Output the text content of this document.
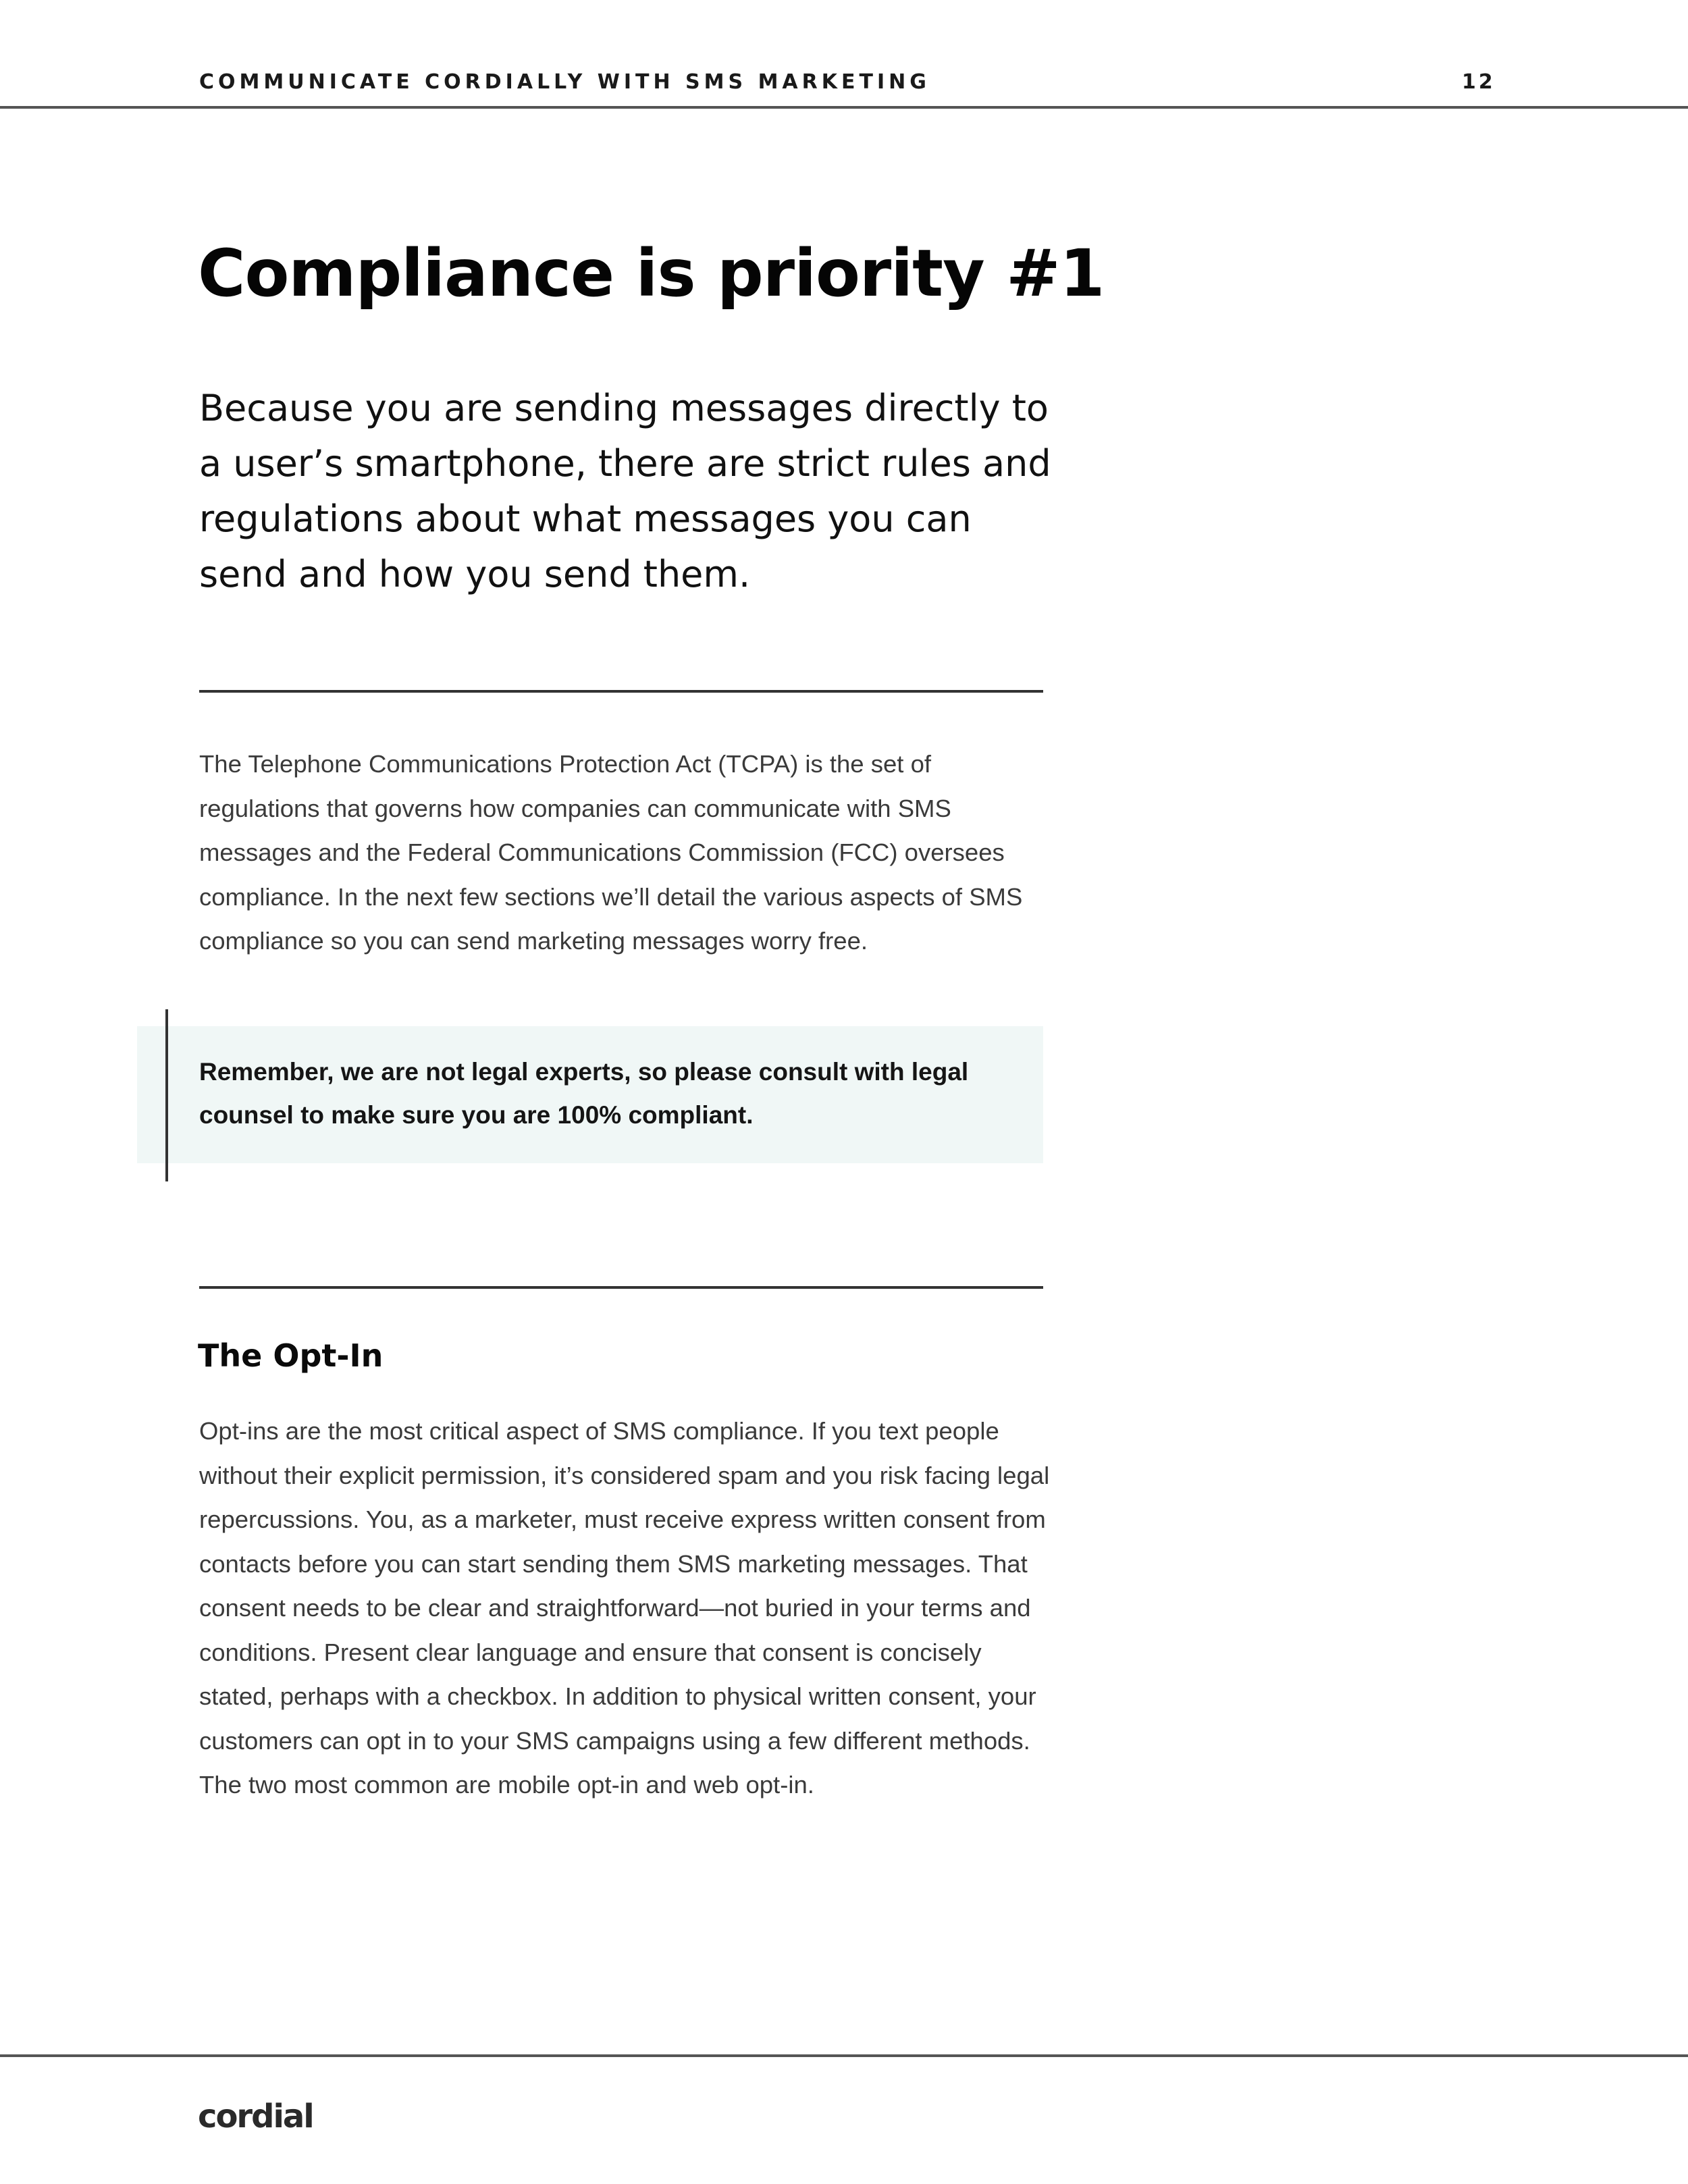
COMMUNICATE CORDIALLY WITH SMS MARKETING	12
Compliance is priority #1

Because you are sending messages directly to a user’s smartphone, there are strict rules and regulations about what messages you can send and how you send them.

The Telephone Communications Protection Act (TCPA) is the set of regulations that governs how companies can communicate with SMS messages and the Federal Communications Commission (FCC) oversees compliance. In the next few sections we’ll detail the various aspects of SMS compliance so you can send marketing messages worry free.

Remember, we are not legal experts, so please consult with legal counsel to make sure you are 100% compliant.

The Opt-In

Opt-ins are the most critical aspect of SMS compliance. If you text people without their explicit permission, it’s considered spam and you risk facing legal repercussions. You, as a marketer, must receive express written consent from contacts before you can start sending them SMS marketing messages. That consent needs to be clear and straightforward—not buried in your terms and conditions. Present clear language and ensure that consent is concisely stated, perhaps with a checkbox. In addition to physical written consent, your customers can opt in to your SMS campaigns using a few different methods. The two most common are mobile opt-in and web opt-in.

cordial
